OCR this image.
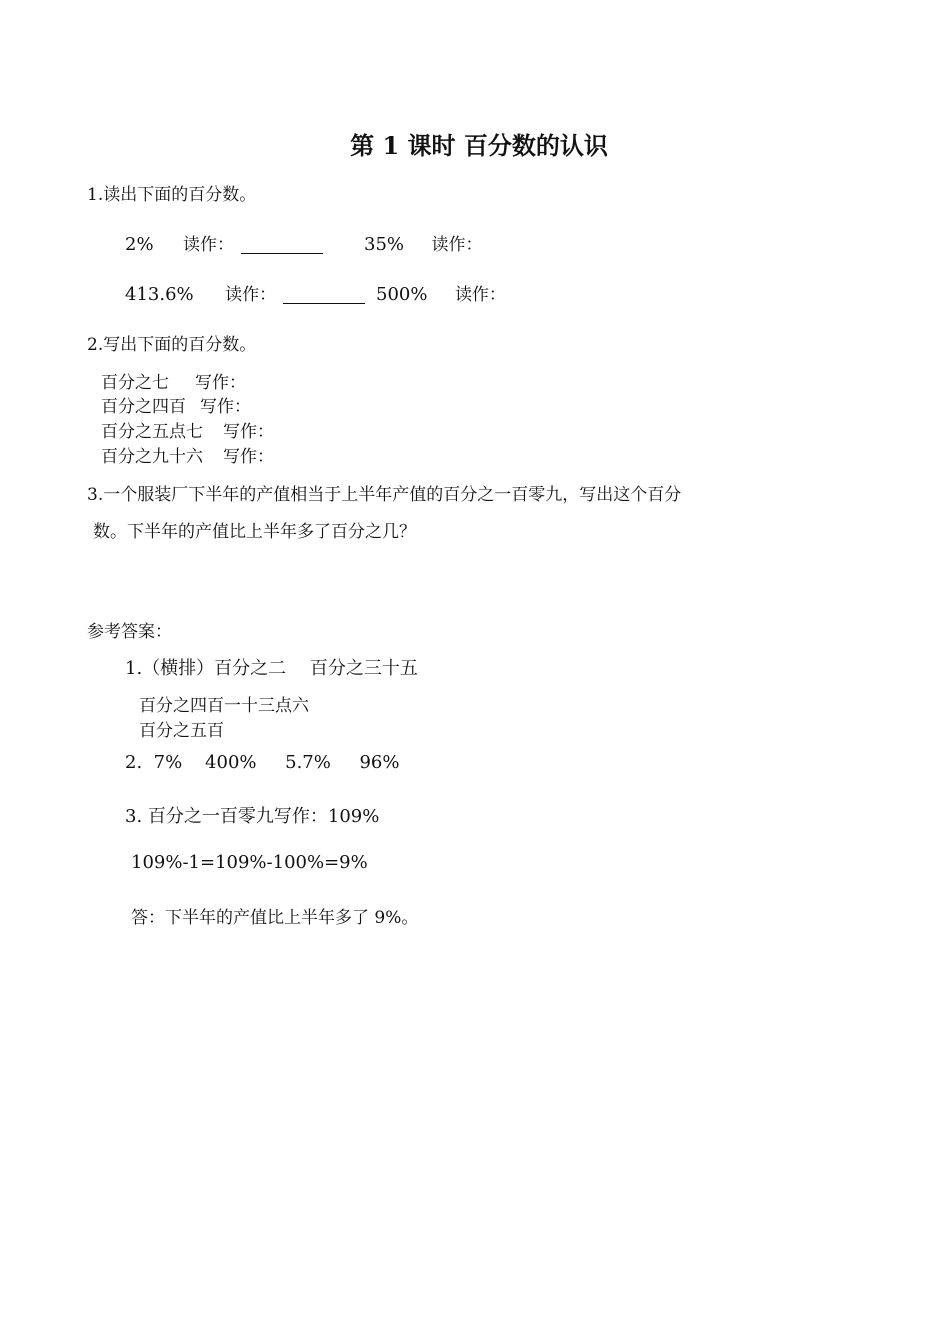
第 1 课时 百分数的认识
1.读出下面的百分数。
2% 读作：	35% 读作：
413.6% 读作：	500% 读作：
2.写出下面的百分数。
百分之七 写作：
百分之四百 写作：
百分之五点七 写作：
百分之九十六 写作：
3.一个服装厂下半年的产值相当于上半年产值的百分之一百零九，写出这个百分
数。下半年的产值比上半年多了百分之几？
参考答案：
1.（横排）百分之二　 百分之三十五
百分之四百一十三点六
百分之五百
2.  7%    400%     5.7%     96%
3. 百分之一百零九写作：109%
109%-1=109%-100%=9%
答：下半年的产值比上半年多了 9%。
